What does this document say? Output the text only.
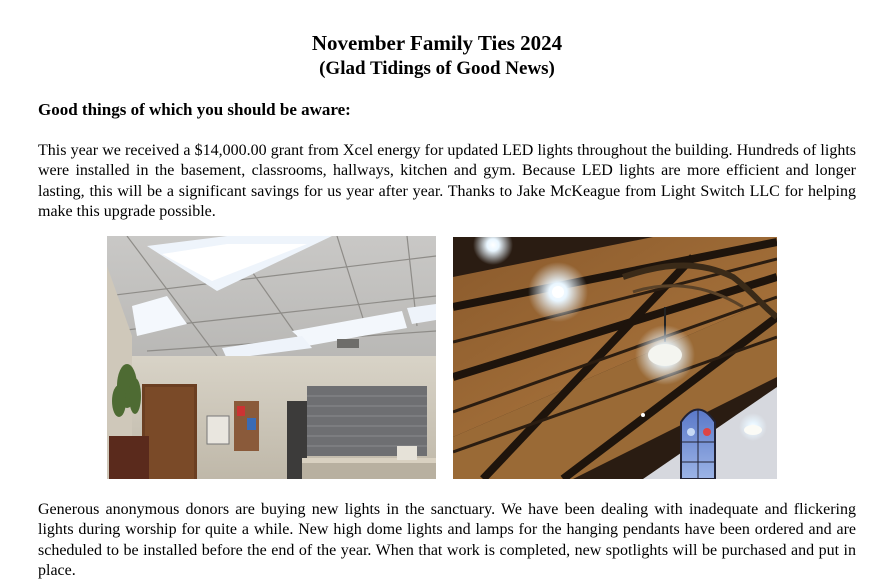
November Family Ties 2024
(Glad Tidings of Good News)
Good things of which you should be aware:
This year we received a $14,000.00 grant from Xcel energy for updated LED lights throughout the building. Hundreds of lights were installed in the basement, classrooms, hallways, kitchen and gym. Because LED lights are more efficient and longer lasting, this will be a significant savings for us year after year. Thanks to Jake McKeague from Light Switch LLC for helping make this upgrade possible.
Generous anonymous donors are buying new lights in the sanctuary. We have been dealing with inadequate and flickering lights during worship for quite a while. New high dome lights and lamps for the hanging pendants have been ordered and are scheduled to be installed before the end of the year. When that work is completed, new spotlights will be purchased and put in place.
